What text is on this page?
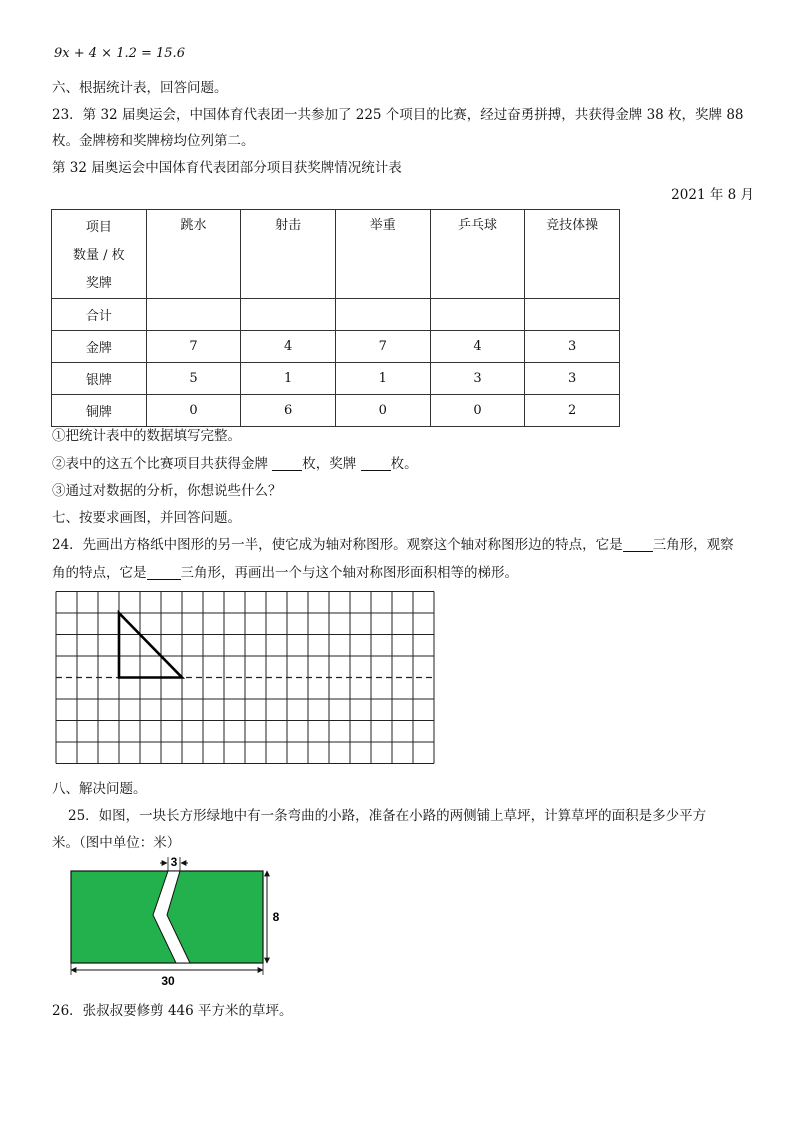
9x + 4 × 1.2 = 15.6
六、根据统计表，回答问题。
23．第 32 届奥运会，中国体育代表团一共参加了 225 个项目的比赛，经过奋勇拼搏，共获得金牌 38 枚，奖牌 88
枚。金牌榜和奖牌榜均位列第二。
第 32 届奥运会中国体育代表团部分项目获奖牌情况统计表
2021 年 8 月
项目
数量 / 枚
奖牌	跳水	射击	举重	乒乓球	竞技体操
合计					
金牌	7	4	7	4	3
银牌	5	1	1	3	3
铜牌	0	6	0	0	2
①把统计表中的数据填写完整。
②表中的这五个比赛项目共获得金牌	枚，奖牌	枚。
③通过对数据的分析，你想说些什么？
七、按要求画图，并回答问题。
24．先画出方格纸中图形的另一半，使它成为轴对称图形。观察这个轴对称图形边的特点，它是 三角形，观察
角的特点，它是	三角形，再画出一个与这个轴对称图形面积相等的梯形。
八、解决问题。
25．如图，一块长方形绿地中有一条弯曲的小路，准备在小路的两侧铺上草坪，计算草坪的面积是多少平方
米。（图中单位：米）
3
8
30
26．张叔叔要修剪 446 平方米的草坪。
